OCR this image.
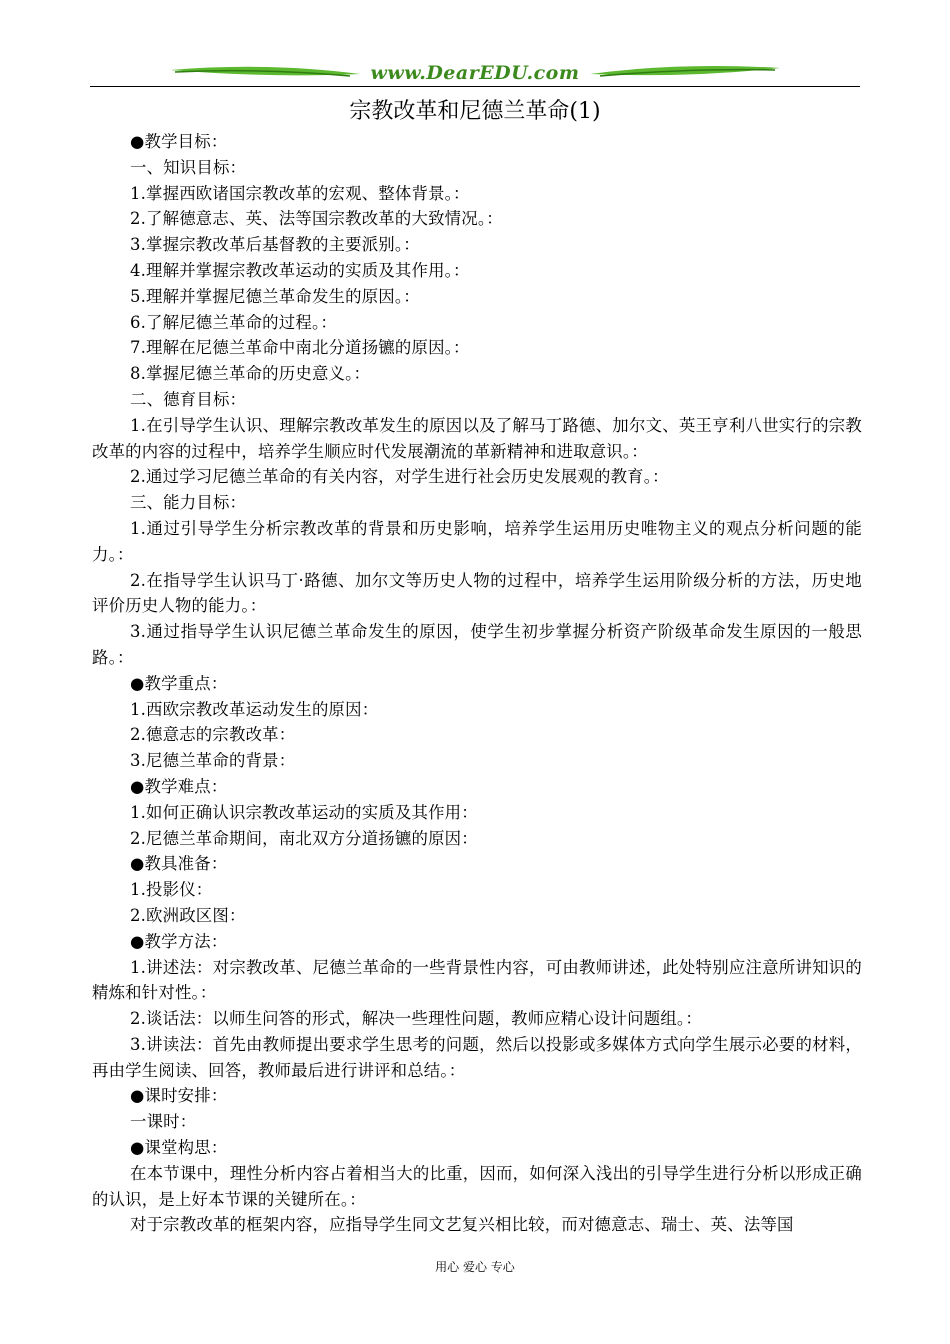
www.DearEDU.com
宗教改革和尼德兰革命(1)

●教学目标：

一、知识目标：

1.掌握西欧诸国宗教改革的宏观、整体背景。：

2.了解德意志、英、法等国宗教改革的大致情况。：

3.掌握宗教改革后基督教的主要派别。：

4.理解并掌握宗教改革运动的实质及其作用。：

5.理解并掌握尼德兰革命发生的原因。：

6.了解尼德兰革命的过程。：

7.理解在尼德兰革命中南北分道扬镳的原因。：

8.掌握尼德兰革命的历史意义。：

二、德育目标：

1.在引导学生认识、理解宗教改革发生的原因以及了解马丁路德、加尔文、英王亨利八世实行的宗教改革的内容的过程中，培养学生顺应时代发展潮流的革新精神和进取意识。：

2.通过学习尼德兰革命的有关内容，对学生进行社会历史发展观的教育。：

三、能力目标：

1.通过引导学生分析宗教改革的背景和历史影响，培养学生运用历史唯物主义的观点分析问题的能力。：

2.在指导学生认识马丁·路德、加尔文等历史人物的过程中，培养学生运用阶级分析的方法，历史地评价历史人物的能力。：

3.通过指导学生认识尼德兰革命发生的原因，使学生初步掌握分析资产阶级革命发生原因的一般思路。：

●教学重点：

1.西欧宗教改革运动发生的原因：

2.德意志的宗教改革：

3.尼德兰革命的背景：

●教学难点：

1.如何正确认识宗教改革运动的实质及其作用：

2.尼德兰革命期间，南北双方分道扬镳的原因：

●教具准备：

1.投影仪：

2.欧洲政区图：

●教学方法：

1.讲述法：对宗教改革、尼德兰革命的一些背景性内容，可由教师讲述，此处特别应注意所讲知识的精炼和针对性。：

2.谈话法：以师生问答的形式，解决一些理性问题，教师应精心设计问题组。：

3.讲读法：首先由教师提出要求学生思考的问题，然后以投影或多媒体方式向学生展示必要的材料，再由学生阅读、回答，教师最后进行讲评和总结。：

●课时安排：

一课时：

●课堂构思：

在本节课中，理性分析内容占着相当大的比重，因而，如何深入浅出的引导学生进行分析以形成正确的认识，是上好本节课的关键所在。：

对于宗教改革的框架内容，应指导学生同文艺复兴相比较，而对德意志、瑞士、英、法等国

用心 爱心 专心
